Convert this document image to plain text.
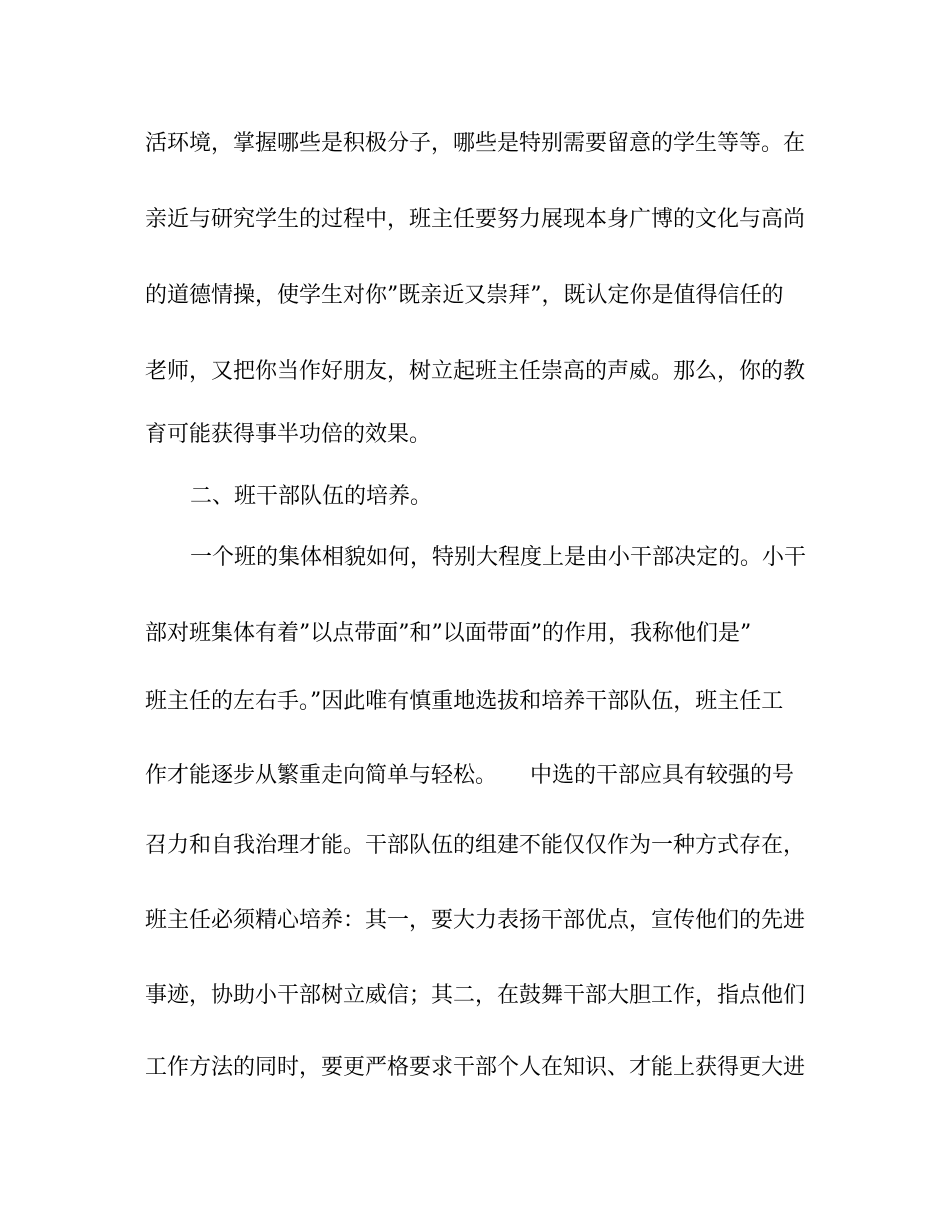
活环境，掌握哪些是积极分子，哪些是特别需要留意的学生等等。在
亲近与研究学生的过程中，班主任要努力展现本身广博的文化与高尚
的道德情操，使学生对你”既亲近又崇拜”，既认定你是值得信任的
老师，又把你当作好朋友，树立起班主任崇高的声威。那么，你的教
育可能获得事半功倍的效果。
二、班干部队伍的培养。
一个班的集体相貌如何，特别大程度上是由小干部决定的。小干
部对班集体有着”以点带面”和”以面带面”的作用，我称他们是”
班主任的左右手。”因此唯有慎重地选拔和培养干部队伍，班主任工
作才能逐步从繁重走向简单与轻松。　　中选的干部应具有较强的号
召力和自我治理才能。干部队伍的组建不能仅仅作为一种方式存在，
班主任必须精心培养：其一，要大力表扬干部优点，宣传他们的先进
事迹，协助小干部树立威信；其二，在鼓舞干部大胆工作，指点他们
工作方法的同时，要更严格要求干部个人在知识、才能上获得更大进
